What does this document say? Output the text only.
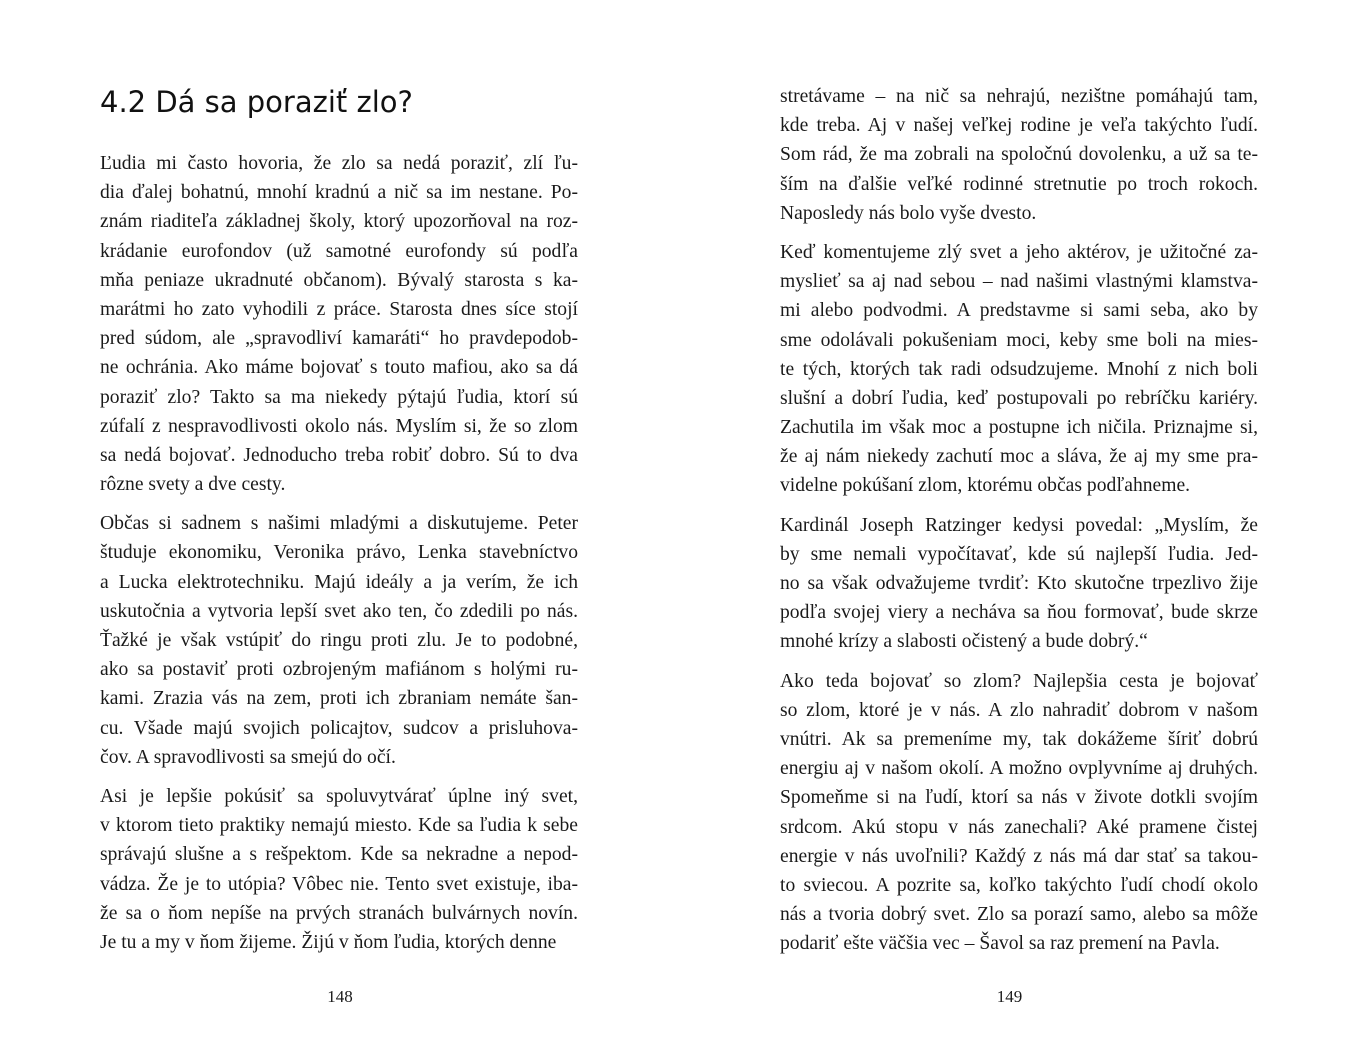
4.2 Dá sa poraziť zlo?
Ľudia mi často hovoria, že zlo sa nedá poraziť, zlí ľu-
dia ďalej bohatnú, mnohí kradnú a nič sa im nestane. Po-
znám riaditeľa základnej školy, ktorý upozorňoval na roz-
krádanie eurofondov (už samotné eurofondy sú podľa
mňa peniaze ukradnuté občanom). Bývalý starosta s ka-
marátmi ho zato vyhodili z práce. Starosta dnes síce stojí
pred súdom, ale „spravodliví kamaráti“ ho pravdepodob-
ne ochránia. Ako máme bojovať s touto mafiou, ako sa dá
poraziť zlo? Takto sa ma niekedy pýtajú ľudia, ktorí sú
zúfalí z nespravodlivosti okolo nás. Myslím si, že so zlom
sa nedá bojovať. Jednoducho treba robiť dobro. Sú to dva
rôzne svety a dve cesty.
Občas si sadnem s našimi mladými a diskutujeme. Peter
študuje ekonomiku, Veronika právo, Lenka stavebníctvo
a Lucka elektrotechniku. Majú ideály a ja verím, že ich
uskutočnia a vytvoria lepší svet ako ten, čo zdedili po nás.
Ťažké je však vstúpiť do ringu proti zlu. Je to podobné,
ako sa postaviť proti ozbrojeným mafiánom s holými ru-
kami. Zrazia vás na zem, proti ich zbraniam nemáte šan-
cu. Všade majú svojich policajtov, sudcov a prisluhova-
čov. A spravodlivosti sa smejú do očí.
Asi je lepšie pokúsiť sa spoluvytvárať úplne iný svet,
v ktorom tieto praktiky nemajú miesto. Kde sa ľudia k sebe
správajú slušne a s rešpektom. Kde sa nekradne a nepod-
vádza. Že je to utópia? Vôbec nie. Tento svet existuje, iba-
že sa o ňom nepíše na prvých stranách bulvárnych novín.
Je tu a my v ňom žijeme. Žijú v ňom ľudia, ktorých denne
148
stretávame – na nič sa nehrajú, nezištne pomáhajú tam,
kde treba. Aj v našej veľkej rodine je veľa takýchto ľudí.
Som rád, že ma zobrali na spoločnú dovolenku, a už sa te-
ším na ďalšie veľké rodinné stretnutie po troch rokoch.
Naposledy nás bolo vyše dvesto.
Keď komentujeme zlý svet a jeho aktérov, je užitočné za-
myslieť sa aj nad sebou – nad našimi vlastnými klamstva-
mi alebo podvodmi. A predstavme si sami seba, ako by
sme odolávali pokušeniam moci, keby sme boli na mies-
te tých, ktorých tak radi odsudzujeme. Mnohí z nich boli
slušní a dobrí ľudia, keď postupovali po rebríčku kariéry.
Zachutila im však moc a postupne ich ničila. Priznajme si,
že aj nám niekedy zachutí moc a sláva, že aj my sme pra-
videlne pokúšaní zlom, ktorému občas podľahneme.
Kardinál Joseph Ratzinger kedysi povedal: „Myslím, že
by sme nemali vypočítavať, kde sú najlepší ľudia. Jed-
no sa však odvažujeme tvrdiť: Kto skutočne trpezlivo žije
podľa svojej viery a necháva sa ňou formovať, bude skrze
mnohé krízy a slabosti očistený a bude dobrý.“
Ako teda bojovať so zlom? Najlepšia cesta je bojovať
so zlom, ktoré je v nás. A zlo nahradiť dobrom v našom
vnútri. Ak sa premeníme my, tak dokážeme šíriť dobrú
energiu aj v našom okolí. A možno ovplyvníme aj druhých.
Spomeňme si na ľudí, ktorí sa nás v živote dotkli svojím
srdcom. Akú stopu v nás zanechali? Aké pramene čistej
energie v nás uvoľnili? Každý z nás má dar stať sa takou-
to sviecou. A pozrite sa, koľko takýchto ľudí chodí okolo
nás a tvoria dobrý svet. Zlo sa porazí samo, alebo sa môže
podariť ešte väčšia vec – Šavol sa raz premení na Pavla.
149
